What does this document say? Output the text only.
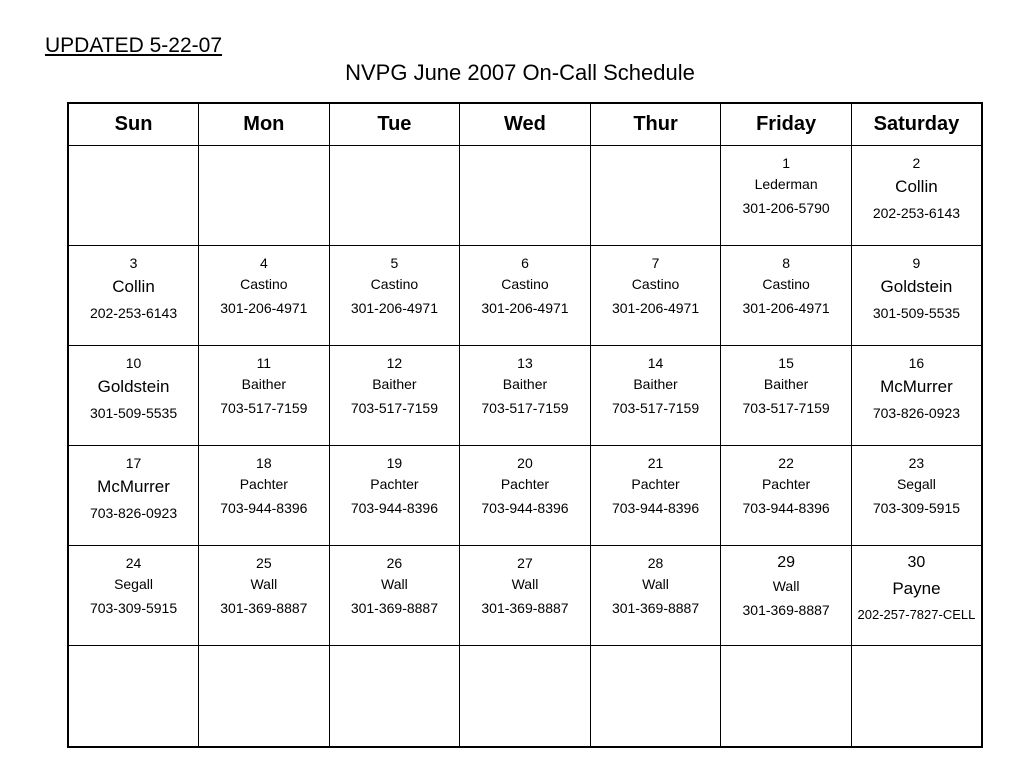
UPDATED 5-22-07
NVPG June 2007 On-Call Schedule
Sun	Mon	Tue	Wed	Thur	Friday	Saturday

					1
Lederman
301-206-5790	2
Collin
202-253-6143

3
Collin
202-253-6143	4
Castino
301-206-4971	5
Castino
301-206-4971	6
Castino
301-206-4971	7
Castino
301-206-4971	8
Castino
301-206-4971	9
Goldstein
301-509-5535

10
Goldstein
301-509-5535	11
Baither
703-517-7159	12
Baither
703-517-7159	13
Baither
703-517-7159	14
Baither
703-517-7159	15
Baither
703-517-7159	16
McMurrer
703-826-0923

17
McMurrer
703-826-0923	18
Pachter
703-944-8396	19
Pachter
703-944-8396	20
Pachter
703-944-8396	21
Pachter
703-944-8396	22
Pachter
703-944-8396	23
Segall
703-309-5915

24
Segall
703-309-5915	25
Wall
301-369-8887	26
Wall
301-369-8887	27
Wall
301-369-8887	28
Wall
301-369-8887	29
Wall
301-369-8887	30
Payne
202-257-7827-CELL
